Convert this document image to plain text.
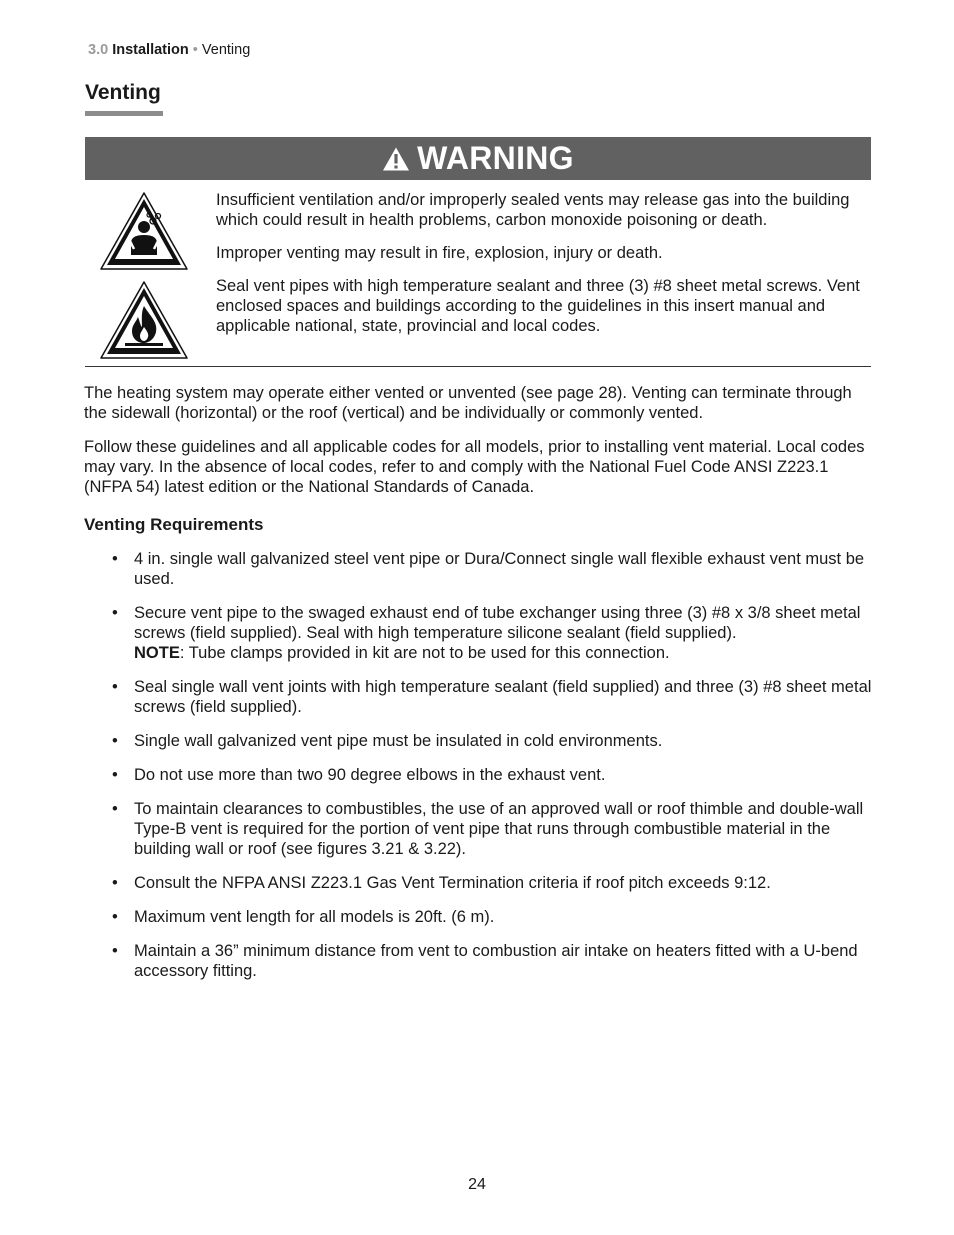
3.0 Installation • Venting
Venting
WARNING

Insufficient ventilation and/or improperly sealed vents may release gas into the building which could result in health problems, carbon monoxide poisoning or death.

Improper venting may result in fire, explosion, injury or death.

Seal vent pipes with high temperature sealant and three (3) #8 sheet metal screws. Vent enclosed spaces and buildings according to the guidelines in this insert manual and applicable national, state, provincial and local codes.

The heating system may operate either vented or unvented (see page 28). Venting can terminate through the sidewall (horizontal) or the roof (vertical) and be individually or commonly vented.

Follow these guidelines and all applicable codes for all models, prior to installing vent material. Local codes may vary. In the absence of local codes, refer to and comply with the National Fuel Code ANSI Z223.1 (NFPA 54) latest edition or the National Standards of Canada.

Venting Requirements
• 4 in. single wall galvanized steel vent pipe or Dura/Connect single wall flexible exhaust vent must be used.
• Secure vent pipe to the swaged exhaust end of tube exchanger using three (3) #8 x 3/8 sheet metal screws (field supplied). Seal with high temperature silicone sealant (field supplied).
NOTE: Tube clamps provided in kit are not to be used for this connection.
• Seal single wall vent joints with high temperature sealant (field supplied) and three (3) #8 sheet metal screws (field supplied).
• Single wall galvanized vent pipe must be insulated in cold environments.
• Do not use more than two 90 degree elbows in the exhaust vent.
• To maintain clearances to combustibles, the use of an approved wall or roof thimble and double-wall Type-B vent is required for the portion of vent pipe that runs through combustible material in the building wall or roof (see figures 3.21 & 3.22).
• Consult the NFPA ANSI Z223.1 Gas Vent Termination criteria if roof pitch exceeds 9:12.
• Maximum vent length for all models is 20ft. (6 m).
• Maintain a 36” minimum distance from vent to combustion air intake on heaters fitted with a U-bend accessory fitting.
24
